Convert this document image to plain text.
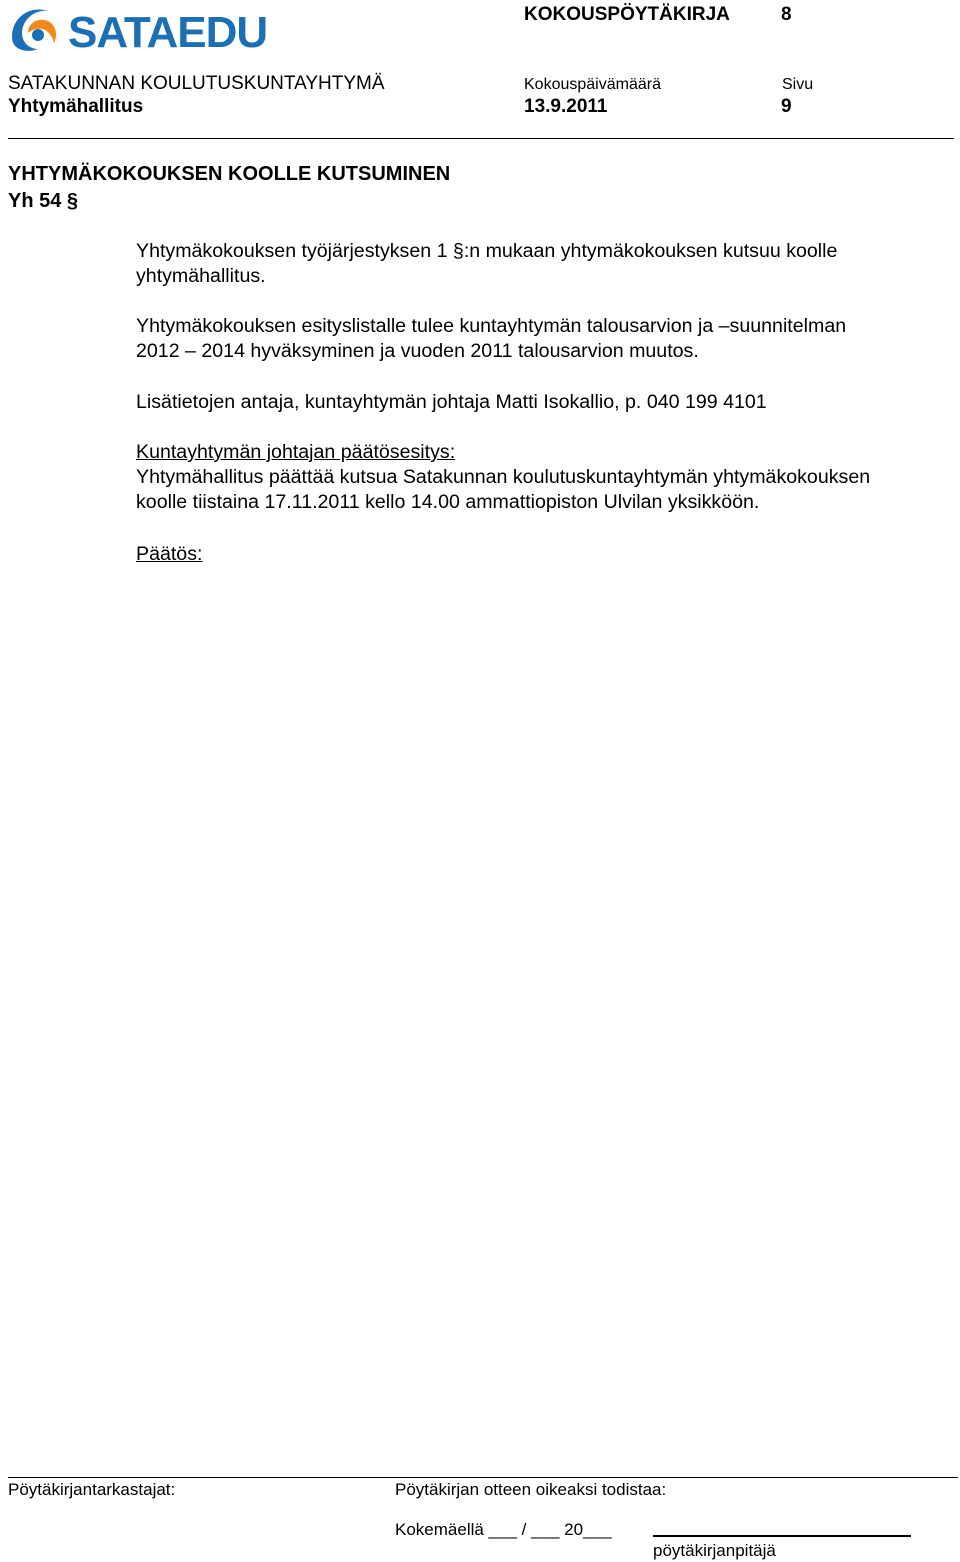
SATAEDU	KOKOUSPÖYTÄKIRJA	8
SATAKUNNAN KOULUTUSKUNTAYHTYMÄ	Kokouspäivämäärä	Sivu
Yhtymähallitus	13.9.2011	9
YHTYMÄKOKOUKSEN KOOLLE KUTSUMINEN
Yh 54 §
Yhtymäkokouksen työjärjestyksen 1 §:n mukaan yhtymäkokouksen kutsuu koolle
yhtymähallitus.
Yhtymäkokouksen esityslistalle tulee kuntayhtymän talousarvion ja –suunnitelman
2012 – 2014 hyväksyminen ja vuoden 2011 talousarvion muutos.
Lisätietojen antaja, kuntayhtymän johtaja Matti Isokallio, p. 040 199 4101
Kuntayhtymän johtajan päätösesitys:
Yhtymähallitus päättää kutsua Satakunnan koulutuskuntayhtymän yhtymäkokouksen
koolle tiistaina 17.11.2011 kello 14.00 ammattiopiston Ulvilan yksikköön.
Päätös:
Pöytäkirjantarkastajat:	Pöytäkirjan otteen oikeaksi todistaa:
Kokemäellä ___ / ___ 20___
pöytäkirjanpitäjä
